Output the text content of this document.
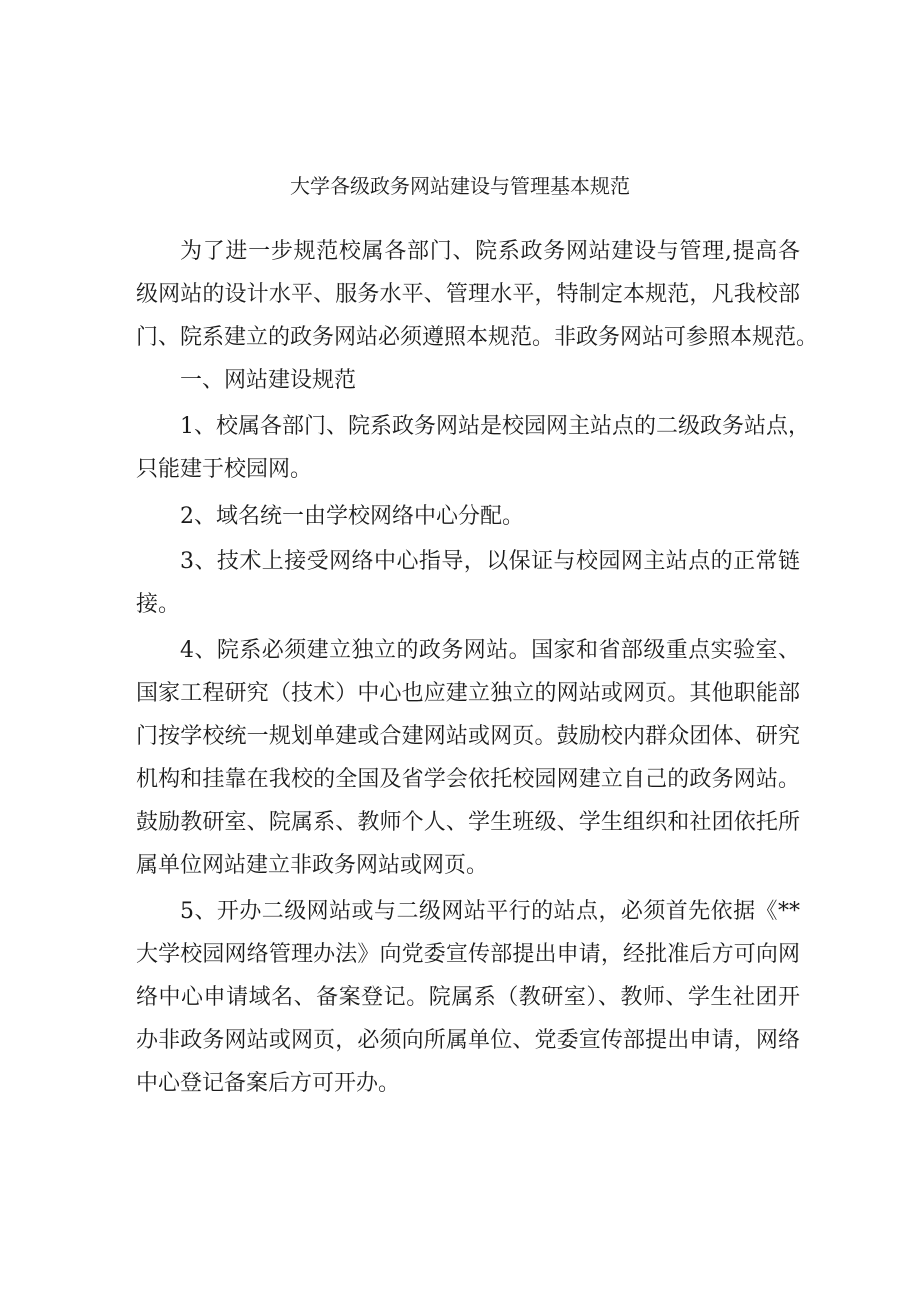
大学各级政务网站建设与管理基本规范
为了进一步规范校属各部门、院系政务网站建设与管理,提高各
级网站的设计水平、服务水平、管理水平，特制定本规范，凡我校部
门、院系建立的政务网站必须遵照本规范。非政务网站可参照本规范。
一、网站建设规范
1、校属各部门、院系政务网站是校园网主站点的二级政务站点，
只能建于校园网。
2、域名统一由学校网络中心分配。
3、技术上接受网络中心指导，以保证与校园网主站点的正常链
接。
4、院系必须建立独立的政务网站。国家和省部级重点实验室、
国家工程研究（技术）中心也应建立独立的网站或网页。其他职能部
门按学校统一规划单建或合建网站或网页。鼓励校内群众团体、研究
机构和挂靠在我校的全国及省学会依托校园网建立自己的政务网站。
鼓励教研室、院属系、教师个人、学生班级、学生组织和社团依托所
属单位网站建立非政务网站或网页。
5、开办二级网站或与二级网站平行的站点，必须首先依据《**
大学校园网络管理办法》向党委宣传部提出申请，经批准后方可向网
络中心申请域名、备案登记。院属系（教研室）、教师、学生社团开
办非政务网站或网页，必须向所属单位、党委宣传部提出申请，网络
中心登记备案后方可开办。
